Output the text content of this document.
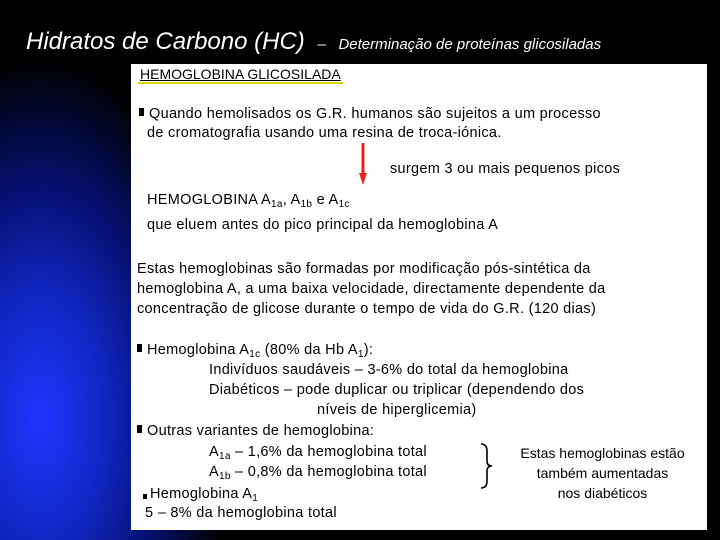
Hidratos de Carbono (HC) – Determinação de proteínas glicosiladas
HEMOGLOBINA GLICOSILADA
Quando hemolisados os G.R. humanos são sujeitos a um processo
de cromatografia usando uma resina de troca-iónica.
surgem 3 ou mais pequenos picos
HEMOGLOBINA $A_{1a}$, $A_{1b}$ e $A_{1c}$
que eluem antes do pico principal da hemoglobina A
Estas hemoglobinas são formadas por modificação pós-sintética da
hemoglobina A, a uma baixa velocidade, directamente dependente da
concentração de glicose durante o tempo de vida do G.R. (120 dias)
Hemoglobina $A_{1c}$ (80% da Hb $A_1$):
Indivíduos saudáveis – 3-6% do total da hemoglobina
Diabéticos – pode duplicar ou triplicar (dependendo dos
níveis de hiperglicemia)
Outras variantes de hemoglobina:
$A_{1a} - 1,6\%$ da hemoglobina total
$A_{1b} - 0,8\%$ da hemoglobina total
Estas hemoglobinas estão
também aumentadas
nos diabéticos
Hemoglobina $A_1$
5 – 8% da hemoglobina total
